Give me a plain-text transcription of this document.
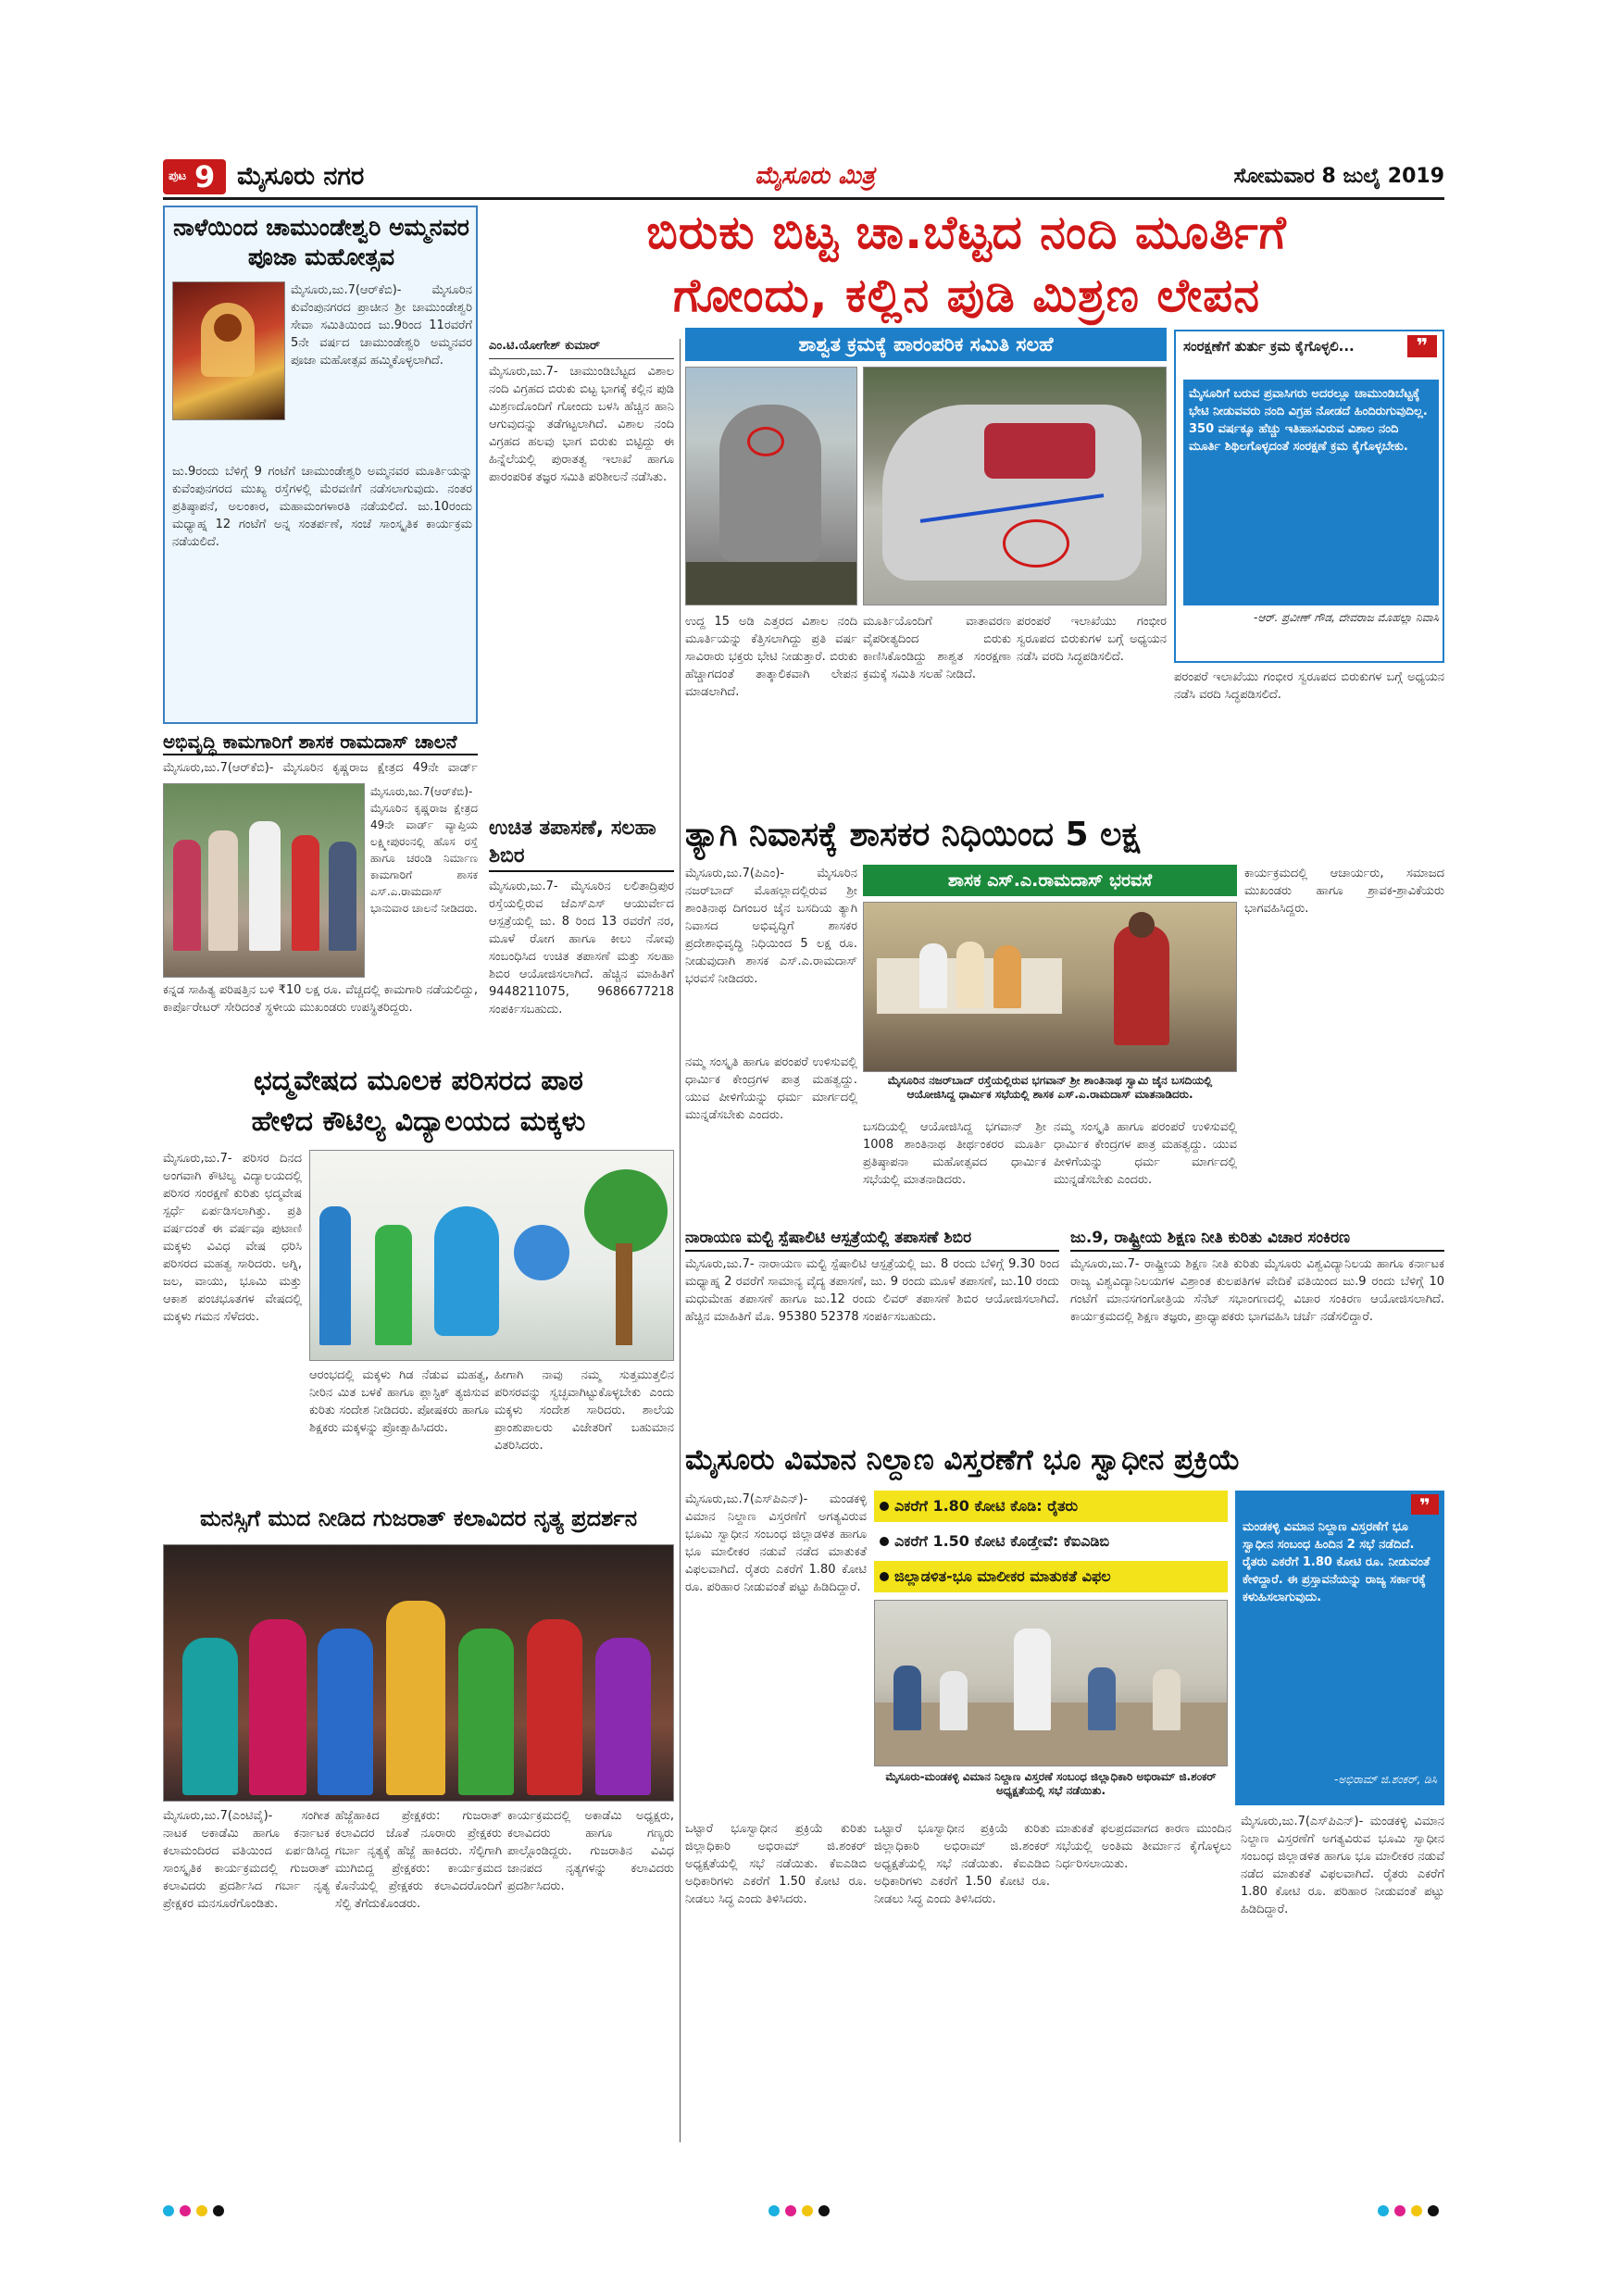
ಪುಟ 9 ಮೈಸೂರು ನಗರ	ಮೈಸೂರು ಮಿತ್ರ	ಸೋಮವಾರ 8 ಜುಲೈ 2019
ನಾಳೆಯಿಂದ ಚಾಮುಂಡೇಶ್ವರಿ ಅಮ್ಮನವರ ಪೂಜಾ ಮಹೋತ್ಸವ
ಮೈಸೂರು,ಜು.7(ಆರ್‌ಕೆಬಿ)- ಮೈಸೂರಿನ ಕುವೆಂಪುನಗರದ ಪ್ರಾಚೀನ ಶ್ರೀ ಚಾಮುಂಡೇಶ್ವರಿ ಸೇವಾ ಸಮಿತಿಯಿಂದ ಜು.9ರಿಂದ 11ರವರೆಗೆ 5ನೇ ವರ್ಷದ ಚಾಮುಂಡೇಶ್ವರಿ ಅಮ್ಮನವರ ಪೂಜಾ ಮಹೋತ್ಸವ ಹಮ್ಮಿಕೊಳ್ಳಲಾಗಿದೆ.
ಜು.9ರಂದು ಬೆಳಿಗ್ಗೆ 9 ಗಂಟೆಗೆ ಚಾಮುಂಡೇಶ್ವರಿ ಅಮ್ಮನವರ ಮೂರ್ತಿಯನ್ನು ಕುವೆಂಪುನಗರದ ಮುಖ್ಯ ರಸ್ತೆಗಳಲ್ಲಿ ಮೆರವಣಿಗೆ ನಡೆಸಲಾಗುವುದು. ನಂತರ ಪ್ರತಿಷ್ಠಾಪನೆ, ಅಲಂಕಾರ, ಮಹಾಮಂಗಳಾರತಿ ನಡೆಯಲಿದೆ. ಜು.10ರಂದು ಮಧ್ಯಾಹ್ನ 12 ಗಂಟೆಗೆ ಅನ್ನ ಸಂತರ್ಪಣೆ, ಸಂಜೆ ಸಾಂಸ್ಕೃತಿಕ ಕಾರ್ಯಕ್ರಮ ನಡೆಯಲಿದೆ.
ಅಭಿವೃದ್ಧಿ ಕಾಮಗಾರಿಗೆ ಶಾಸಕ ರಾಮದಾಸ್ ಚಾಲನೆ
ಮೈಸೂರು,ಜು.7(ಆರ್‌ಕೆಬಿ)- ಮೈಸೂರಿನ ಕೃಷ್ಣರಾಜ ಕ್ಷೇತ್ರದ 49ನೇ ವಾರ್ಡ್
ಮೈಸೂರು,ಜು.7(ಆರ್‌ಕೆಬಿ)- ಮೈಸೂರಿನ ಕೃಷ್ಣರಾಜ ಕ್ಷೇತ್ರದ 49ನೇ ವಾರ್ಡ್ ವ್ಯಾಪ್ತಿಯ ಲಕ್ಷ್ಮೀಪುರಂನಲ್ಲಿ ಹೊಸ ರಸ್ತೆ ಹಾಗೂ ಚರಂಡಿ ನಿರ್ಮಾಣ ಕಾಮಗಾರಿಗೆ ಶಾಸಕ ಎಸ್.ಎ.ರಾಮದಾಸ್ ಭಾನುವಾರ ಚಾಲನೆ ನೀಡಿದರು.
ಕನ್ನಡ ಸಾಹಿತ್ಯ ಪರಿಷತ್ತಿನ ಬಳಿ ₹10 ಲಕ್ಷ ರೂ. ವೆಚ್ಚದಲ್ಲಿ ಕಾಮಗಾರಿ ನಡೆಯಲಿದ್ದು, ಕಾರ್ಪೊರೇಟರ್ ಸೇರಿದಂತೆ ಸ್ಥಳೀಯ ಮುಖಂಡರು ಉಪಸ್ಥಿತರಿದ್ದರು.
ಬಿರುಕು ಬಿಟ್ಟ ಚಾ.ಬೆಟ್ಟದ ನಂದಿ ಮೂರ್ತಿಗೆ
ಗೋಂದು, ಕಲ್ಲಿನ ಪುಡಿ ಮಿಶ್ರಣ ಲೇಪನ
ಎಂ.ಟಿ.ಯೋಗೇಶ್ ಕುಮಾರ್
ಮೈಸೂರು,ಜು.7- ಚಾಮುಂಡಿಬೆಟ್ಟದ ವಿಶಾಲ ನಂದಿ ವಿಗ್ರಹದ ಬಿರುಕು ಬಿಟ್ಟ ಭಾಗಕ್ಕೆ ಕಲ್ಲಿನ ಪುಡಿ ಮಿಶ್ರಣದೊಂದಿಗೆ ಗೋಂದು ಬಳಸಿ ಹೆಚ್ಚಿನ ಹಾನಿ ಆಗುವುದನ್ನು ತಡೆಗಟ್ಟಲಾಗಿದೆ. ವಿಶಾಲ ನಂದಿ ವಿಗ್ರಹದ ಹಲವು ಭಾಗ ಬಿರುಕು ಬಿಟ್ಟಿದ್ದು ಈ ಹಿನ್ನೆಲೆಯಲ್ಲಿ ಪುರಾತತ್ವ ಇಲಾಖೆ ಹಾಗೂ ಪಾರಂಪರಿಕ ತಜ್ಞರ ಸಮಿತಿ ಪರಿಶೀಲನೆ ನಡೆಸಿತು.
ಶಾಶ್ವತ ಕ್ರಮಕ್ಕೆ ಪಾರಂಪರಿಕ ಸಮಿತಿ ಸಲಹೆ
ಉದ್ದ 15 ಅಡಿ ಎತ್ತರದ ವಿಶಾಲ ನಂದಿ ಮೂರ್ತಿಯನ್ನು ಕೆತ್ತಿಸಲಾಗಿದ್ದು ಪ್ರತಿ ವರ್ಷ ಸಾವಿರಾರು ಭಕ್ತರು ಭೇಟಿ ನೀಡುತ್ತಾರೆ. ಬಿರುಕು ಹೆಚ್ಚಾಗದಂತೆ ತಾತ್ಕಾಲಿಕವಾಗಿ ಲೇಪನ ಮಾಡಲಾಗಿದೆ.
ಮೂರ್ತಿಯೊಂದಿಗೆ ವಾತಾವರಣ ವೈಪರೀತ್ಯದಿಂದ ಬಿರುಕು ಕಾಣಿಸಿಕೊಂಡಿದ್ದು ಶಾಶ್ವತ ಸಂರಕ್ಷಣಾ ಕ್ರಮಕ್ಕೆ ಸಮಿತಿ ಸಲಹೆ ನೀಡಿದೆ.
ಪರಂಪರೆ ಇಲಾಖೆಯು ಗಂಭೀರ ಸ್ವರೂಪದ ಬಿರುಕುಗಳ ಬಗ್ಗೆ ಅಧ್ಯಯನ ನಡೆಸಿ ವರದಿ ಸಿದ್ಧಪಡಿಸಲಿದೆ.
❞
ಸಂರಕ್ಷಣೆಗೆ ತುರ್ತು ಕ್ರಮ ಕೈಗೊಳ್ಳಲಿ...
ಮೈಸೂರಿಗೆ ಬರುವ ಪ್ರವಾಸಿಗರು ಅದರಲ್ಲೂ ಚಾಮುಂಡಿಬೆಟ್ಟಕ್ಕೆ ಭೇಟಿ ನೀಡುವವರು ನಂದಿ ವಿಗ್ರಹ ನೋಡದೆ ಹಿಂದಿರುಗುವುದಿಲ್ಲ. 350 ವರ್ಷಕ್ಕೂ ಹೆಚ್ಚು ಇತಿಹಾಸವಿರುವ ವಿಶಾಲ ನಂದಿ ಮೂರ್ತಿ ಶಿಥಿಲಗೊಳ್ಳದಂತೆ ಸಂರಕ್ಷಣೆ ಕ್ರಮ ಕೈಗೊಳ್ಳಬೇಕು.
-ಆರ್. ಪ್ರವೀಣ್ ಗೌಡ, ದೇವರಾಜ ಮೊಹಲ್ಲಾ ನಿವಾಸಿ
ಪರಂಪರೆ ಇಲಾಖೆಯು ಗಂಭೀರ ಸ್ವರೂಪದ ಬಿರುಕುಗಳ ಬಗ್ಗೆ ಅಧ್ಯಯನ ನಡೆಸಿ ವರದಿ ಸಿದ್ಧಪಡಿಸಲಿದೆ.
ಉಚಿತ ತಪಾಸಣೆ, ಸಲಹಾ ಶಿಬಿರ
ಮೈಸೂರು,ಜು.7- ಮೈಸೂರಿನ ಲಲಿತಾದ್ರಿಪುರ ರಸ್ತೆಯಲ್ಲಿರುವ ಜೆಎಸ್‌ಎಸ್ ಆಯುರ್ವೇದ ಆಸ್ಪತ್ರೆಯಲ್ಲಿ ಜು. 8 ರಿಂದ 13 ರವರೆಗೆ ನರ, ಮೂಳೆ ರೋಗ ಹಾಗೂ ಕೀಲು ನೋವು ಸಂಬಂಧಿಸಿದ ಉಚಿತ ತಪಾಸಣೆ ಮತ್ತು ಸಲಹಾ ಶಿಬಿರ ಆಯೋಜಿಸಲಾಗಿದೆ. ಹೆಚ್ಚಿನ ಮಾಹಿತಿಗೆ 9448211075, 9686677218 ಸಂಪರ್ಕಿಸಬಹುದು.
ತ್ಯಾಗಿ ನಿವಾಸಕ್ಕೆ ಶಾಸಕರ ನಿಧಿಯಿಂದ 5 ಲಕ್ಷ
ಮೈಸೂರು,ಜು.7(ಪಿಎಂ)- ಮೈಸೂರಿನ ನಜರ್‌ಬಾದ್ ಮೊಹಲ್ಲಾದಲ್ಲಿರುವ ಶ್ರೀ ಶಾಂತಿನಾಥ ದಿಗಂಬರ ಜೈನ ಬಸದಿಯ ತ್ಯಾಗಿ ನಿವಾಸದ ಅಭಿವೃದ್ಧಿಗೆ ಶಾಸಕರ ಪ್ರದೇಶಾಭಿವೃದ್ಧಿ ನಿಧಿಯಿಂದ 5 ಲಕ್ಷ ರೂ. ನೀಡುವುದಾಗಿ ಶಾಸಕ ಎಸ್.ಎ.ರಾಮದಾಸ್ ಭರವಸೆ ನೀಡಿದರು.
ಶಾಸಕ ಎಸ್.ಎ.ರಾಮದಾಸ್ ಭರವಸೆ
ಮೈಸೂರಿನ ನಜರ್‌ಬಾದ್ ರಸ್ತೆಯಲ್ಲಿರುವ ಭಗವಾನ್ ಶ್ರೀ ಶಾಂತಿನಾಥ ಸ್ವಾಮಿ ಜೈನ ಬಸದಿಯಲ್ಲಿ ಆಯೋಜಿಸಿದ್ದ ಧಾರ್ಮಿಕ ಸಭೆಯಲ್ಲಿ ಶಾಸಕ ಎಸ್.ಎ.ರಾಮದಾಸ್ ಮಾತನಾಡಿದರು.
ಬಸದಿಯಲ್ಲಿ ಆಯೋಜಿಸಿದ್ದ ಭಗವಾನ್ ಶ್ರೀ 1008 ಶಾಂತಿನಾಥ ತೀರ್ಥಂಕರರ ಮೂರ್ತಿ ಪ್ರತಿಷ್ಠಾಪನಾ ಮಹೋತ್ಸವದ ಧಾರ್ಮಿಕ ಸಭೆಯಲ್ಲಿ ಮಾತನಾಡಿದರು.
ನಮ್ಮ ಸಂಸ್ಕೃತಿ ಹಾಗೂ ಪರಂಪರೆ ಉಳಿಸುವಲ್ಲಿ ಧಾರ್ಮಿಕ ಕೇಂದ್ರಗಳ ಪಾತ್ರ ಮಹತ್ವದ್ದು. ಯುವ ಪೀಳಿಗೆಯನ್ನು ಧರ್ಮ ಮಾರ್ಗದಲ್ಲಿ ಮುನ್ನಡೆಸಬೇಕು ಎಂದರು.
ಕಾರ್ಯಕ್ರಮದಲ್ಲಿ ಆಚಾರ್ಯರು, ಸಮಾಜದ ಮುಖಂಡರು ಹಾಗೂ ಶ್ರಾವಕ-ಶ್ರಾವಿಕೆಯರು ಭಾಗವಹಿಸಿದ್ದರು.
ನಮ್ಮ ಸಂಸ್ಕೃತಿ ಹಾಗೂ ಪರಂಪರೆ ಉಳಿಸುವಲ್ಲಿ ಧಾರ್ಮಿಕ ಕೇಂದ್ರಗಳ ಪಾತ್ರ ಮಹತ್ವದ್ದು. ಯುವ ಪೀಳಿಗೆಯನ್ನು ಧರ್ಮ ಮಾರ್ಗದಲ್ಲಿ ಮುನ್ನಡೆಸಬೇಕು ಎಂದರು.
ಛದ್ಮವೇಷದ ಮೂಲಕ ಪರಿಸರದ ಪಾಠ
ಹೇಳಿದ ಕೌಟಿಲ್ಯ ವಿದ್ಯಾಲಯದ ಮಕ್ಕಳು
ಮೈಸೂರು,ಜು.7- ಪರಿಸರ ದಿನದ ಅಂಗವಾಗಿ ಕೌಟಿಲ್ಯ ವಿದ್ಯಾಲಯದಲ್ಲಿ ಪರಿಸರ ಸಂರಕ್ಷಣೆ ಕುರಿತು ಛದ್ಮವೇಷ ಸ್ಪರ್ಧೆ ಏರ್ಪಡಿಸಲಾಗಿತ್ತು. ಪ್ರತಿ ವರ್ಷದಂತೆ ಈ ವರ್ಷವೂ ಪುಟಾಣಿ ಮಕ್ಕಳು ವಿವಿಧ ವೇಷ ಧರಿಸಿ ಪರಿಸರದ ಮಹತ್ವ ಸಾರಿದರು. ಅಗ್ನಿ, ಜಲ, ವಾಯು, ಭೂಮಿ ಮತ್ತು ಆಕಾಶ ಪಂಚಭೂತಗಳ ವೇಷದಲ್ಲಿ ಮಕ್ಕಳು ಗಮನ ಸೆಳೆದರು.
ಆರಂಭದಲ್ಲಿ ಮಕ್ಕಳು ಗಿಡ ನೆಡುವ ಮಹತ್ವ, ನೀರಿನ ಮಿತ ಬಳಕೆ ಹಾಗೂ ಪ್ಲಾಸ್ಟಿಕ್ ತ್ಯಜಿಸುವ ಕುರಿತು ಸಂದೇಶ ನೀಡಿದರು. ಪೋಷಕರು ಹಾಗೂ ಶಿಕ್ಷಕರು ಮಕ್ಕಳನ್ನು ಪ್ರೋತ್ಸಾಹಿಸಿದರು.
ಹೀಗಾಗಿ ನಾವು ನಮ್ಮ ಸುತ್ತಮುತ್ತಲಿನ ಪರಿಸರವನ್ನು ಸ್ವಚ್ಛವಾಗಿಟ್ಟುಕೊಳ್ಳಬೇಕು ಎಂದು ಮಕ್ಕಳು ಸಂದೇಶ ಸಾರಿದರು. ಶಾಲೆಯ ಪ್ರಾಂಶುಪಾಲರು ವಿಜೇತರಿಗೆ ಬಹುಮಾನ ವಿತರಿಸಿದರು.
ನಾರಾಯಣ ಮಲ್ಟಿ ಸ್ಪೆಷಾಲಿಟಿ ಆಸ್ಪತ್ರೆಯಲ್ಲಿ ತಪಾಸಣೆ ಶಿಬಿರ
ಮೈಸೂರು,ಜು.7- ನಾರಾಯಣ ಮಲ್ಟಿ ಸ್ಪೆಷಾಲಿಟಿ ಆಸ್ಪತ್ರೆಯಲ್ಲಿ ಜು. 8 ರಂದು ಬೆಳಿಗ್ಗೆ 9.30 ರಿಂದ ಮಧ್ಯಾಹ್ನ 2 ರವರೆಗೆ ಸಾಮಾನ್ಯ ವೈದ್ಯ ತಪಾಸಣೆ, ಜು. 9 ರಂದು ಮೂಳೆ ತಪಾಸಣೆ, ಜು.10 ರಂದು ಮಧುಮೇಹ ತಪಾಸಣೆ ಹಾಗೂ ಜು.12 ರಂದು ಲಿವರ್ ತಪಾಸಣೆ ಶಿಬಿರ ಆಯೋಜಿಸಲಾಗಿದೆ. ಹೆಚ್ಚಿನ ಮಾಹಿತಿಗೆ ಮೊ. 95380 52378 ಸಂಪರ್ಕಿಸಬಹುದು.
ಜು.9, ರಾಷ್ಟ್ರೀಯ ಶಿಕ್ಷಣ ನೀತಿ ಕುರಿತು ವಿಚಾರ ಸಂಕಿರಣ
ಮೈಸೂರು,ಜು.7- ರಾಷ್ಟ್ರೀಯ ಶಿಕ್ಷಣ ನೀತಿ ಕುರಿತು ಮೈಸೂರು ವಿಶ್ವವಿದ್ಯಾನಿಲಯ ಹಾಗೂ ಕರ್ನಾಟಕ ರಾಜ್ಯ ವಿಶ್ವವಿದ್ಯಾನಿಲಯಗಳ ವಿಶ್ರಾಂತ ಕುಲಪತಿಗಳ ವೇದಿಕೆ ವತಿಯಿಂದ ಜು.9 ರಂದು ಬೆಳಿಗ್ಗೆ 10 ಗಂಟೆಗೆ ಮಾನಸಗಂಗೋತ್ರಿಯ ಸೆನೆಟ್ ಸಭಾಂಗಣದಲ್ಲಿ ವಿಚಾರ ಸಂಕಿರಣ ಆಯೋಜಿಸಲಾಗಿದೆ. ಕಾರ್ಯಕ್ರಮದಲ್ಲಿ ಶಿಕ್ಷಣ ತಜ್ಞರು, ಪ್ರಾಧ್ಯಾಪಕರು ಭಾಗವಹಿಸಿ ಚರ್ಚೆ ನಡೆಸಲಿದ್ದಾರೆ.
ಮನಸ್ಸಿಗೆ ಮುದ ನೀಡಿದ ಗುಜರಾತ್ ಕಲಾವಿದರ ನೃತ್ಯ ಪ್ರದರ್ಶನ
ಮೈಸೂರು,ಜು.7(ಎಂಟಿವೈ)- ಸಂಗೀತ ನಾಟಕ ಅಕಾಡೆಮಿ ಹಾಗೂ ಕರ್ನಾಟಕ ಕಲಾಮಂದಿರದ ವತಿಯಿಂದ ಏರ್ಪಡಿಸಿದ್ದ ಸಾಂಸ್ಕೃತಿಕ ಕಾರ್ಯಕ್ರಮದಲ್ಲಿ ಗುಜರಾತ್ ಕಲಾವಿದರು ಪ್ರದರ್ಶಿಸಿದ ಗರ್ಬಾ ನೃತ್ಯ ಪ್ರೇಕ್ಷಕರ ಮನಸೂರೆಗೊಂಡಿತು.
ಹೆಜ್ಜೆಹಾಕಿದ ಪ್ರೇಕ್ಷಕರು: ಗುಜರಾತ್ ಕಲಾವಿದರ ಜೊತೆ ನೂರಾರು ಪ್ರೇಕ್ಷಕರು ಗರ್ಬಾ ನೃತ್ಯಕ್ಕೆ ಹೆಜ್ಜೆ ಹಾಕಿದರು. ಸೆಲ್ಫಿಗಾಗಿ ಮುಗಿಬಿದ್ದ ಪ್ರೇಕ್ಷಕರು: ಕಾರ್ಯಕ್ರಮದ ಕೊನೆಯಲ್ಲಿ ಪ್ರೇಕ್ಷಕರು ಕಲಾವಿದರೊಂದಿಗೆ ಸೆಲ್ಫಿ ತೆಗೆದುಕೊಂಡರು.
ಕಾರ್ಯಕ್ರಮದಲ್ಲಿ ಅಕಾಡೆಮಿ ಅಧ್ಯಕ್ಷರು, ಕಲಾವಿದರು ಹಾಗೂ ಗಣ್ಯರು ಪಾಲ್ಗೊಂಡಿದ್ದರು. ಗುಜರಾತಿನ ವಿವಿಧ ಜಾನಪದ ನೃತ್ಯಗಳನ್ನು ಕಲಾವಿದರು ಪ್ರದರ್ಶಿಸಿದರು.
ಮೈಸೂರು ವಿಮಾನ ನಿಲ್ದಾಣ ವಿಸ್ತರಣೆಗೆ ಭೂ ಸ್ವಾಧೀನ ಪ್ರಕ್ರಿಯೆ
ಮೈಸೂರು,ಜು.7(ಎಸ್‌ಪಿಎನ್)- ಮಂಡಕಳ್ಳಿ ವಿಮಾನ ನಿಲ್ದಾಣ ವಿಸ್ತರಣೆಗೆ ಅಗತ್ಯವಿರುವ ಭೂಮಿ ಸ್ವಾಧೀನ ಸಂಬಂಧ ಜಿಲ್ಲಾಡಳಿತ ಹಾಗೂ ಭೂ ಮಾಲೀಕರ ನಡುವೆ ನಡೆದ ಮಾತುಕತೆ ವಿಫಲವಾಗಿದೆ. ರೈತರು ಎಕರೆಗೆ 1.80 ಕೋಟಿ ರೂ. ಪರಿಹಾರ ನೀಡುವಂತೆ ಪಟ್ಟು ಹಿಡಿದಿದ್ದಾರೆ.
ಎಕರೆಗೆ 1.80 ಕೋಟಿ ಕೊಡಿ: ರೈತರು
ಎಕರೆಗೆ 1.50 ಕೋಟಿ ಕೊಡ್ತೇವೆ: ಕೆಐಎಡಿಬಿ
ಜಿಲ್ಲಾಡಳಿತ-ಭೂ ಮಾಲೀಕರ ಮಾತುಕತೆ ವಿಫಲ
ಮೈಸೂರು-ಮಂಡಕಳ್ಳಿ ವಿಮಾನ ನಿಲ್ದಾಣ ವಿಸ್ತರಣೆ ಸಂಬಂಧ ಜಿಲ್ಲಾಧಿಕಾರಿ ಅಭಿರಾಮ್ ಜಿ.ಶಂಕರ್ ಅಧ್ಯಕ್ಷತೆಯಲ್ಲಿ ಸಭೆ ನಡೆಯಿತು.
❞
ಮಂಡಕಳ್ಳಿ ವಿಮಾನ ನಿಲ್ದಾಣ ವಿಸ್ತರಣೆಗೆ ಭೂ ಸ್ವಾಧೀನ ಸಂಬಂಧ ಹಿಂದಿನ 2 ಸಭೆ ನಡೆದಿದೆ. ರೈತರು ಎಕರೆಗೆ 1.80 ಕೋಟಿ ರೂ. ನೀಡುವಂತೆ ಕೇಳಿದ್ದಾರೆ. ಈ ಪ್ರಸ್ತಾವನೆಯನ್ನು ರಾಜ್ಯ ಸರ್ಕಾರಕ್ಕೆ ಕಳುಹಿಸಲಾಗುವುದು.
-ಅಭಿರಾಮ್ ಜಿ.ಶಂಕರ್, ಡಿಸಿ
ಒಟ್ಟಾರೆ ಭೂಸ್ವಾಧೀನ ಪ್ರಕ್ರಿಯೆ ಕುರಿತು ಜಿಲ್ಲಾಧಿಕಾರಿ ಅಭಿರಾಮ್ ಜಿ.ಶಂಕರ್ ಅಧ್ಯಕ್ಷತೆಯಲ್ಲಿ ಸಭೆ ನಡೆಯಿತು. ಕೆಐಎಡಿಬಿ ಅಧಿಕಾರಿಗಳು ಎಕರೆಗೆ 1.50 ಕೋಟಿ ರೂ. ನೀಡಲು ಸಿದ್ಧ ಎಂದು ತಿಳಿಸಿದರು.
ಮಾತುಕತೆ ಫಲಪ್ರದವಾಗದ ಕಾರಣ ಮುಂದಿನ ಸಭೆಯಲ್ಲಿ ಅಂತಿಮ ತೀರ್ಮಾನ ಕೈಗೊಳ್ಳಲು ನಿರ್ಧರಿಸಲಾಯಿತು.
ಒಟ್ಟಾರೆ ಭೂಸ್ವಾಧೀನ ಪ್ರಕ್ರಿಯೆ ಕುರಿತು ಜಿಲ್ಲಾಧಿಕಾರಿ ಅಭಿರಾಮ್ ಜಿ.ಶಂಕರ್ ಅಧ್ಯಕ್ಷತೆಯಲ್ಲಿ ಸಭೆ ನಡೆಯಿತು. ಕೆಐಎಡಿಬಿ ಅಧಿಕಾರಿಗಳು ಎಕರೆಗೆ 1.50 ಕೋಟಿ ರೂ. ನೀಡಲು ಸಿದ್ಧ ಎಂದು ತಿಳಿಸಿದರು.
ಮೈಸೂರು,ಜು.7(ಎಸ್‌ಪಿಎನ್)- ಮಂಡಕಳ್ಳಿ ವಿಮಾನ ನಿಲ್ದಾಣ ವಿಸ್ತರಣೆಗೆ ಅಗತ್ಯವಿರುವ ಭೂಮಿ ಸ್ವಾಧೀನ ಸಂಬಂಧ ಜಿಲ್ಲಾಡಳಿತ ಹಾಗೂ ಭೂ ಮಾಲೀಕರ ನಡುವೆ ನಡೆದ ಮಾತುಕತೆ ವಿಫಲವಾಗಿದೆ. ರೈತರು ಎಕರೆಗೆ 1.80 ಕೋಟಿ ರೂ. ಪರಿಹಾರ ನೀಡುವಂತೆ ಪಟ್ಟು ಹಿಡಿದಿದ್ದಾರೆ.
